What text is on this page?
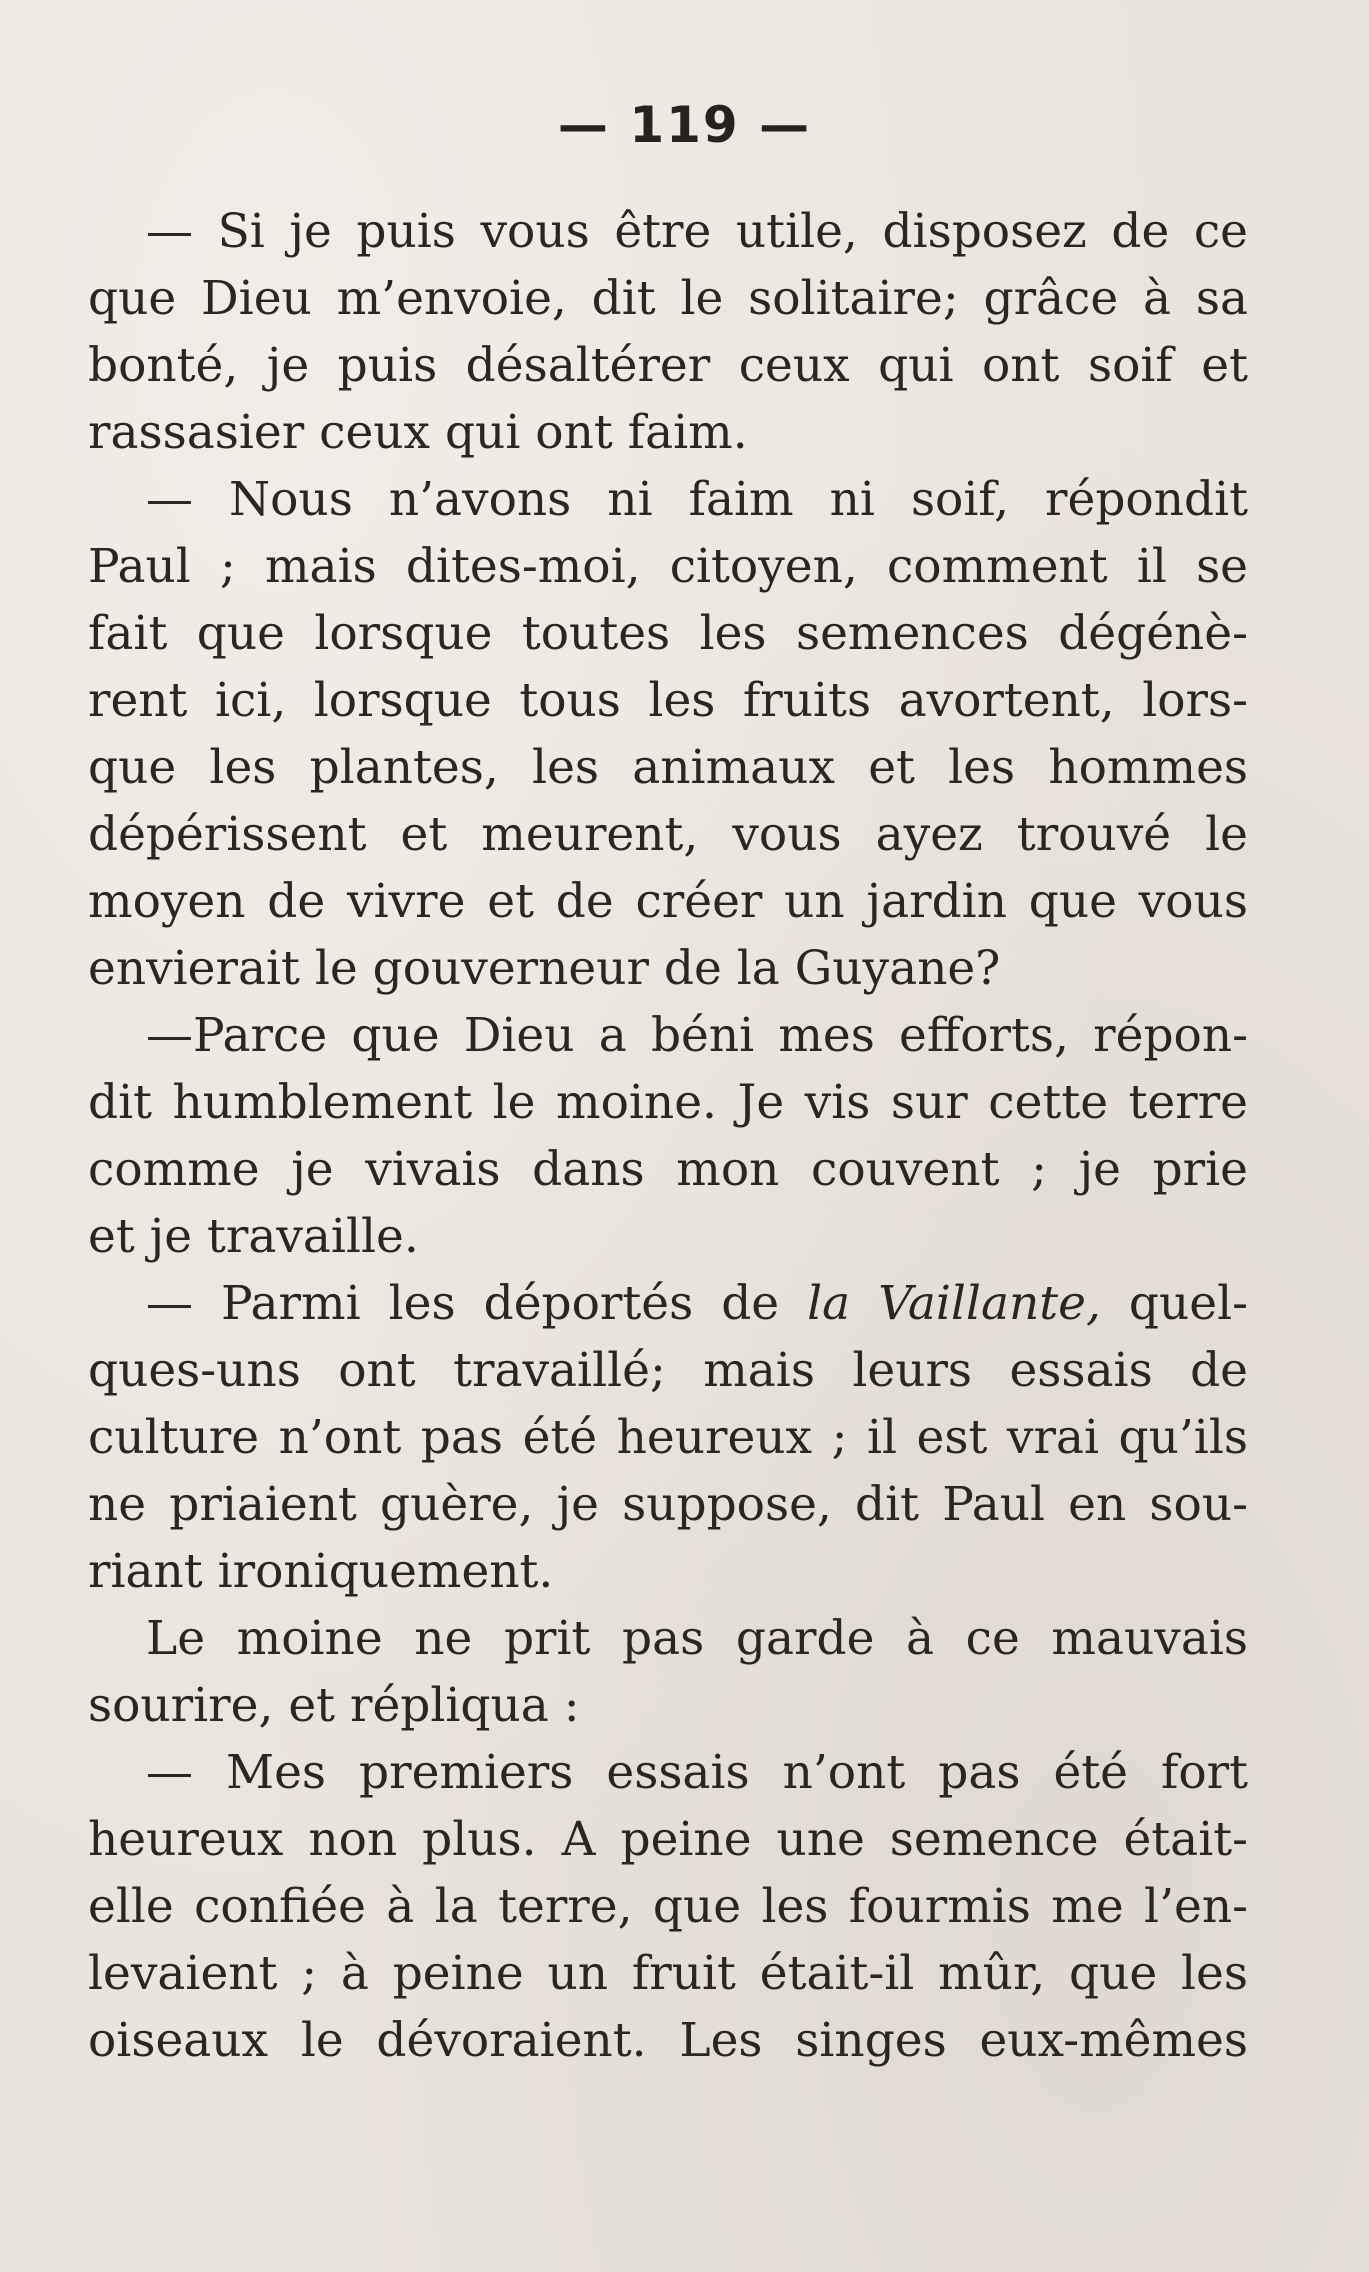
— 119 —
— Si je puis vous être utile, disposez de ce
que Dieu m’envoie, dit le solitaire; grâce à sa
bonté, je puis désaltérer ceux qui ont soif et
rassasier ceux qui ont faim.
— Nous n’avons ni faim ni soif, répondit
Paul ; mais dites-moi, citoyen, comment il se
fait que lorsque toutes les semences dégénè-
rent ici, lorsque tous les fruits avortent, lors-
que les plantes, les animaux et les hommes
dépérissent et meurent, vous ayez trouvé le
moyen de vivre et de créer un jardin que vous
envierait le gouverneur de la Guyane?
—Parce que Dieu a béni mes efforts, répon-
dit humblement le moine. Je vis sur cette terre
comme je vivais dans mon couvent ; je prie
et je travaille.
— Parmi les déportés de la Vaillante, quel-
ques-uns ont travaillé; mais leurs essais de
culture n’ont pas été heureux ; il est vrai qu’ils
ne priaient guère, je suppose, dit Paul en sou-
riant ironiquement.
Le moine ne prit pas garde à ce mauvais
sourire, et répliqua :
— Mes premiers essais n’ont pas été fort
heureux non plus. A peine une semence était-
elle confiée à la terre, que les fourmis me l’en-
levaient ; à peine un fruit était-il mûr, que les
oiseaux le dévoraient. Les singes eux-mêmes
